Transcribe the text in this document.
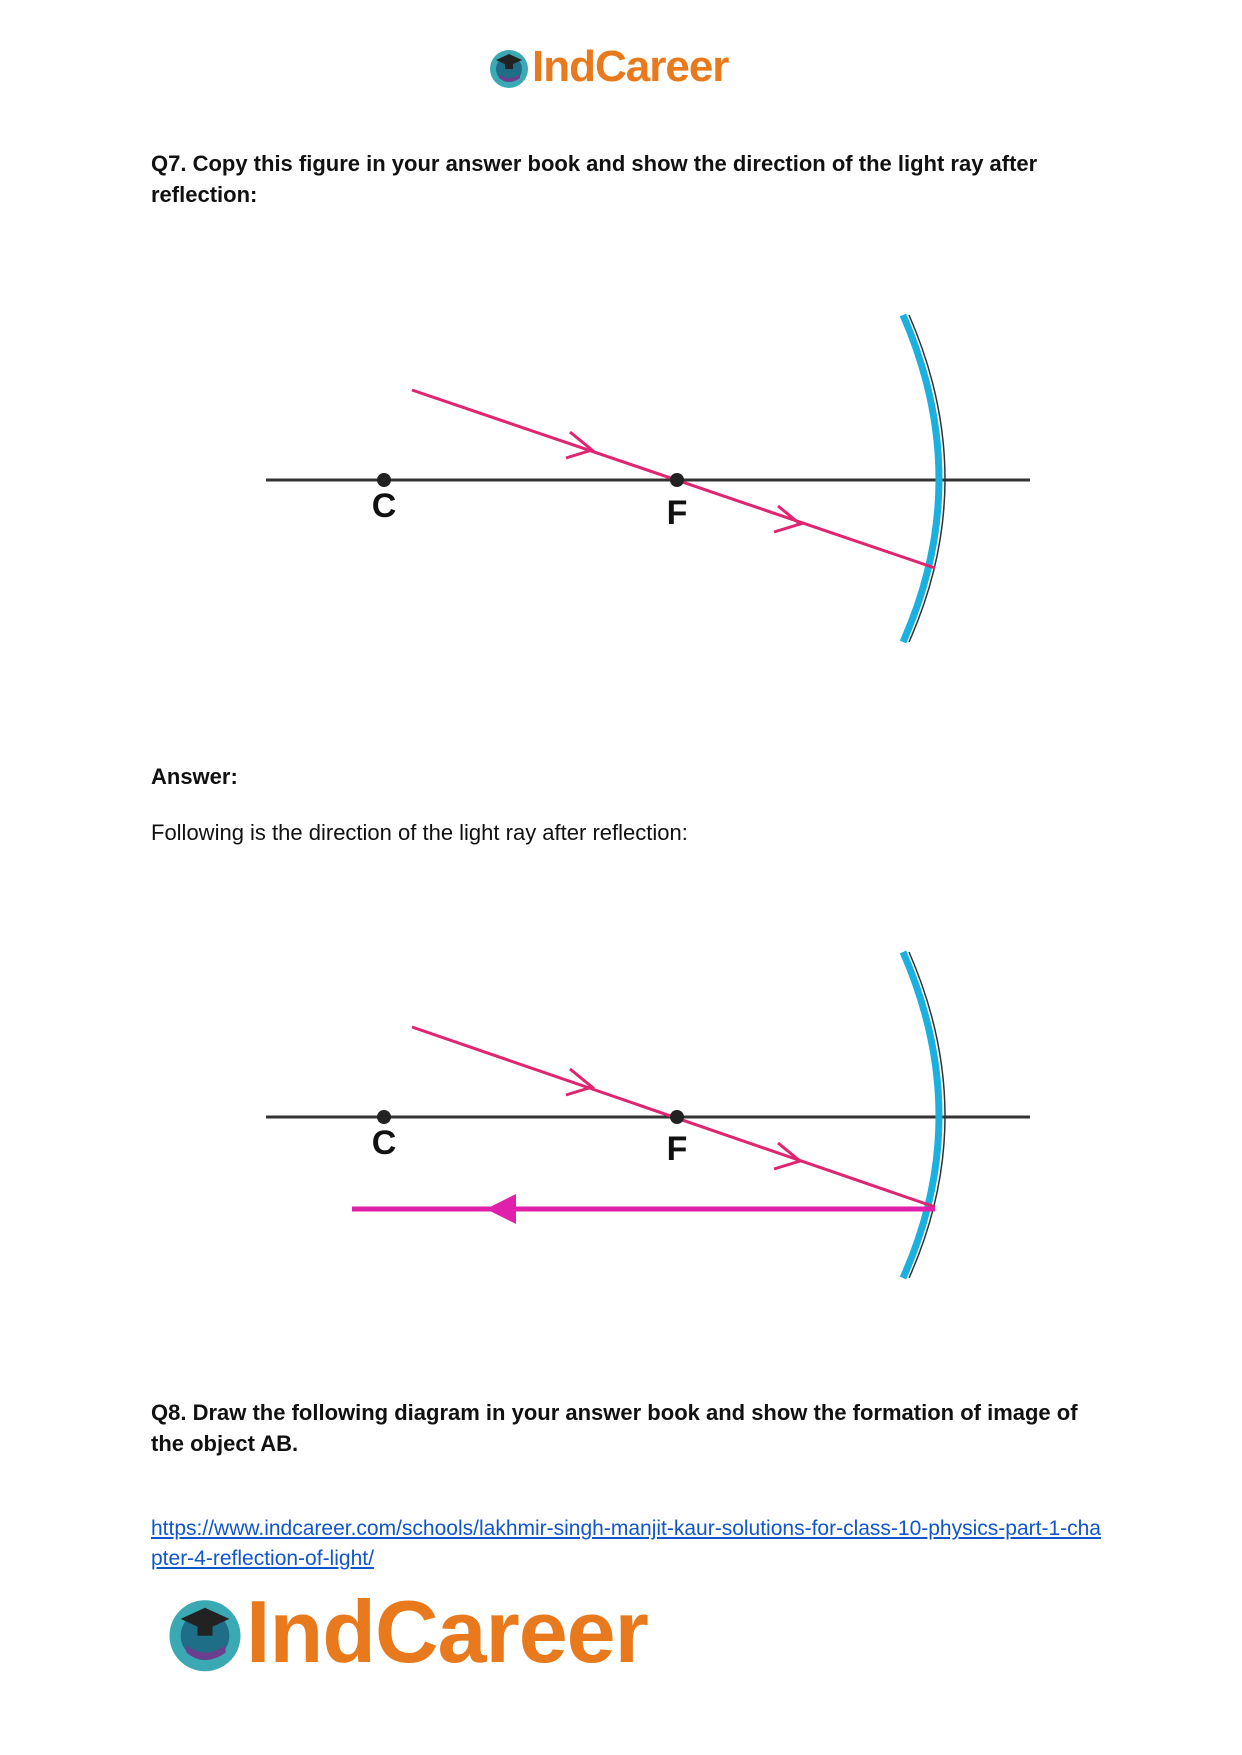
IndCareer

Q7. Copy this figure in your answer book and show the direction of the light ray after reflection:

C	F

Answer:

Following is the direction of the light ray after reflection:

C	F

Q8. Draw the following diagram in your answer book and show the formation of image of the object AB.

https://www.indcareer.com/schools/lakhmir-singh-manjit-kaur-solutions-for-class-10-physics-part-1-chapter-4-reflection-of-light/
IndCareer
